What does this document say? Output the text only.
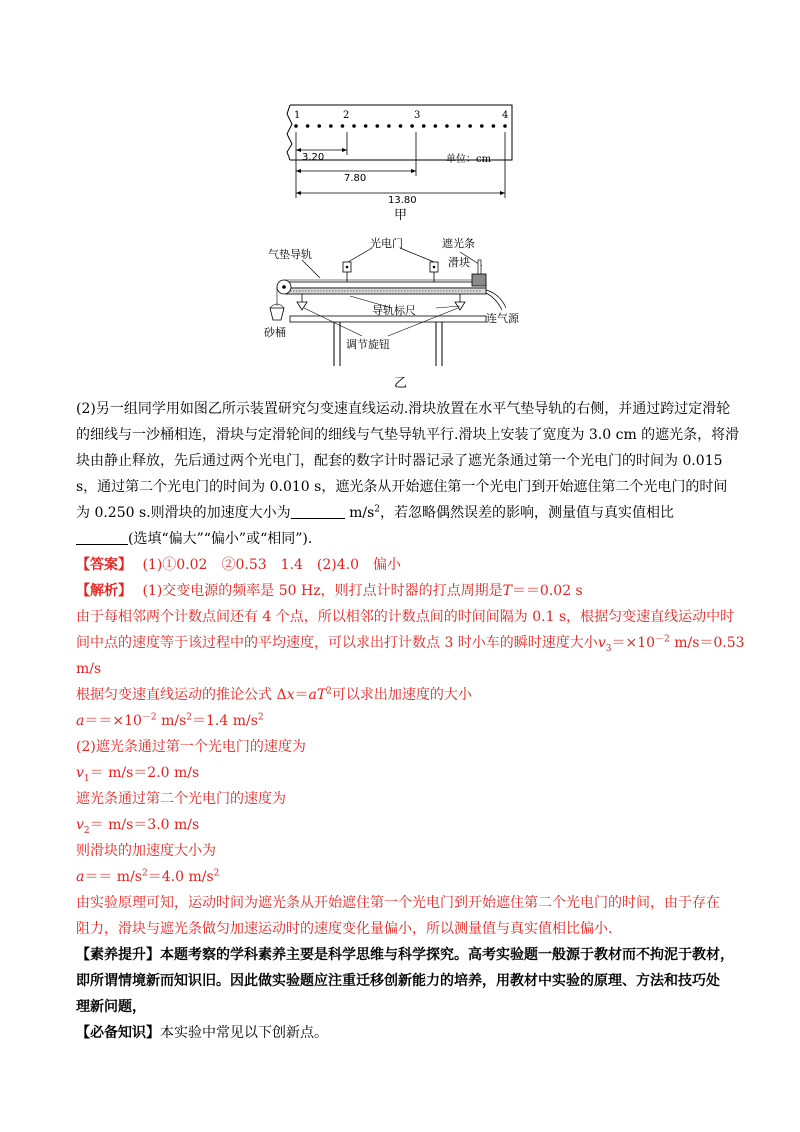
1	2	3	4
3.20
7.80
13.80
单位：cm
甲
气垫导轨
光电门	遮光条
滑块
导轨标尺
连气源
砂桶
调节旋钮
乙
(2)另一组同学用如图乙所示装置研究匀变速直线运动.滑块放置在水平气垫导轨的右侧，并通过跨过定滑轮
的细线与一沙桶相连，滑块与定滑轮间的细线与气垫导轨平行.滑块上安装了宽度为 3.0 cm 的遮光条，将滑
块由静止释放，先后通过两个光电门，配套的数字计时器记录了遮光条通过第一个光电门的时间为 0.015
s，通过第二个光电门的时间为 0.010 s，遮光条从开始遮住第一个光电门到开始遮住第二个光电门的时间
为 0.250 s.则滑块的加速度大小为	$m/s^2$，若忽略偶然误差的影响，测量值与真实值相比
(选填“偏大”“偏小”或“相同”).
【答案】 (1)①0.02　②0.53　1.4　(2)4.0　偏小
【解析】 (1)交变电源的频率是 50 Hz，则打点计时器的打点周期是T＝＝0.02 s
由于每相邻两个计数点间还有 4 个点，所以相邻的计数点间的时间间隔为 0.1 s，根据匀变速直线运动中时
间中点的速度等于该过程中的平均速度，可以求出打计数点 3 时小车的瞬时速度大小$v_3=\times 10^{-2}$ m/s＝0.53
m/s
根据匀变速直线运动的推论公式 $\Delta x=aT^2$可以求出加速度的大小
$a==\times 10^{-2}$ $m/s^2=1.4$ $m/s^2$
(2)遮光条通过第一个光电门的速度为
$v_1= m/s=2.0$ m/s
遮光条通过第二个光电门的速度为
$v_2= m/s=3.0$ m/s
则滑块的加速度大小为
$a== m/s^2=4.0$ $m/s^2$
由实验原理可知，运动时间为遮光条从开始遮住第一个光电门到开始遮住第二个光电门的时间，由于存在
阻力，滑块与遮光条做匀加速运动时的速度变化量偏小，所以测量值与真实值相比偏小.
【素养提升】本题考察的学科素养主要是科学思维与科学探究。高考实验题一般源于教材而不拘泥于教材，
即所谓情境新而知识旧。因此做实验题应注重迁移创新能力的培养，用教材中实验的原理、方法和技巧处
理新问题，
【必备知识】本实验中常见以下创新点。
